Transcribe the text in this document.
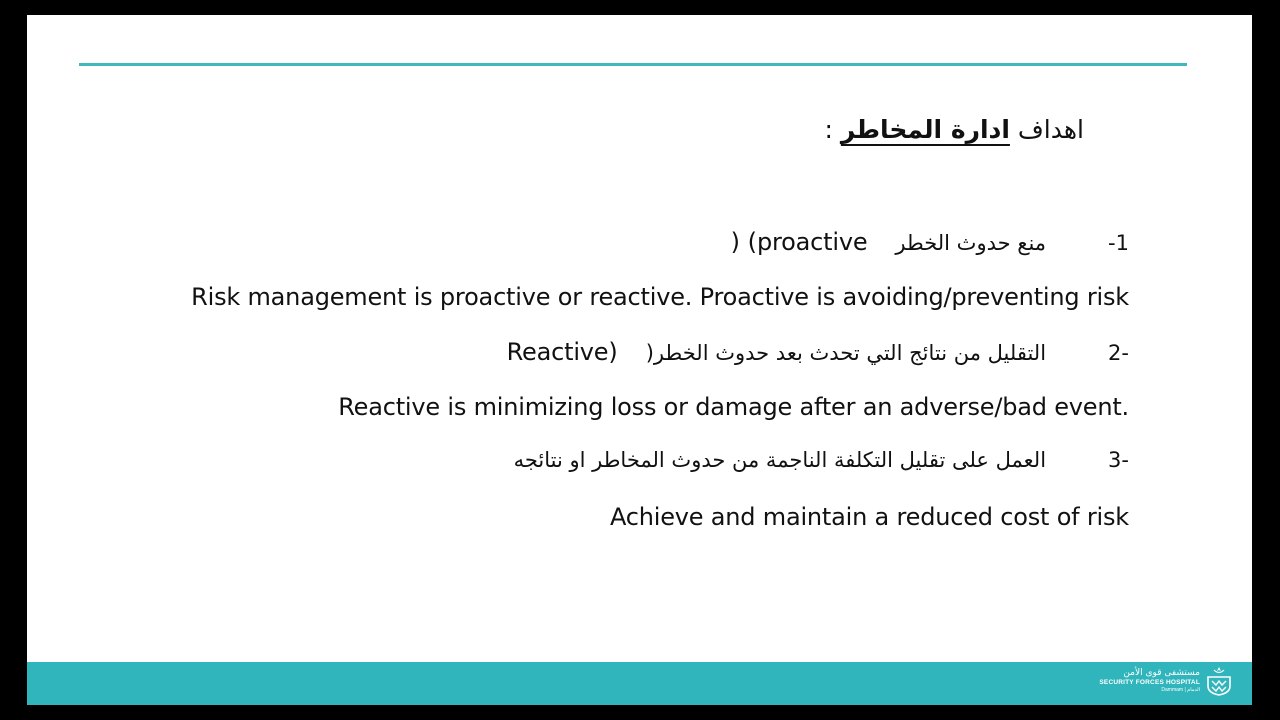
اهداف ادارة المخاطر :
-1منع حدوث الخطر) (proactive
Risk management is proactive or reactive. Proactive is avoiding/preventing risk
2-التقليل من نتائج التي تحدث بعد حدوث الخطر(Reactive)
Reactive is minimizing loss or damage after an adverse/bad event.
3-العمل على تقليل التكلفة الناجمة من حدوث المخاطر او نتائجه
Achieve and maintain a reduced cost of risk
مستشفى قوى الأمن
SECURITY FORCES HOSPITAL
Dammam | الدمام
